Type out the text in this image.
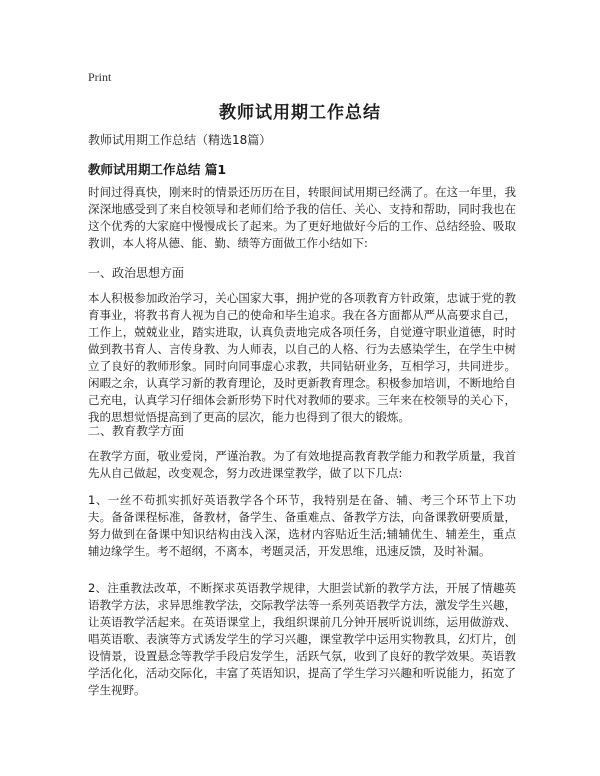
Print
教师试用期工作总结
教师试用期工作总结（精选18篇）
教师试用期工作总结 篇1

时间过得真快，刚来时的情景还历历在目，转眼间试用期已经满了。在这一年里，我深深地感受到了来自校领导和老师们给予我的信任、关心、支持和帮助，同时我也在这个优秀的大家庭中慢慢成长了起来。为了更好地做好今后的工作、总结经验、吸取教训，本人将从德、能、勤、绩等方面做工作小结如下:

一、政治思想方面

本人积极参加政治学习，关心国家大事，拥护党的各项教育方针政策，忠诚于党的教育事业，将教书育人视为自己的使命和毕生追求。我在各方面都从严从高要求自己，工作上，兢兢业业，踏实进取，认真负责地完成各项任务，自觉遵守职业道德，时时做到教书育人、言传身教、为人师表，以自己的人格、行为去感染学生，在学生中树立了良好的教师形象。同时向同事虚心求教，共同钻研业务，互相学习，共同进步。闲暇之余，认真学习新的教育理论，及时更新教育理念。积极参加培训，不断地给自己充电，认真学习仔细体会新形势下时代对教师的要求。三年来在校领导的关心下，我的思想觉悟提高到了更高的层次，能力也得到了很大的锻炼。

二、教育教学方面

在教学方面，敬业爱岗，严谨治教。为了有效地提高教育教学能力和教学质量，我首先从自己做起，改变观念，努力改进课堂教学，做了以下几点:

1、一丝不苟抓实抓好英语教学各个环节，我特别是在备、辅、考三个环节上下功夫。备备课程标准，备教材，备学生、备重难点、备教学方法，向备课教研要质量，努力做到在备课中知识结构由浅入深，选材内容贴近生活;辅辅优生、辅差生，重点辅边缘学生。考不超纲，不离本，考题灵活，开发思维，迅速反馈，及时补漏。

2、注重教法改革，不断探求英语教学规律，大胆尝试新的教学方法，开展了情趣英语教学方法，求异思维教学法，交际教学法等一系列英语教学方法，激发学生兴趣，让英语教学活起来。在英语课堂上，我组织课前几分钟开展听说训练，运用做游戏、唱英语歌、表演等方式诱发学生的学习兴趣，课堂教学中运用实物教具，幻灯片，创设情景，设置悬念等教学手段启发学生，活跃气氛，收到了良好的教学效果。英语教学活化化，活动交际化，丰富了英语知识，提高了学生学习兴趣和听说能力，拓宽了学生视野。
